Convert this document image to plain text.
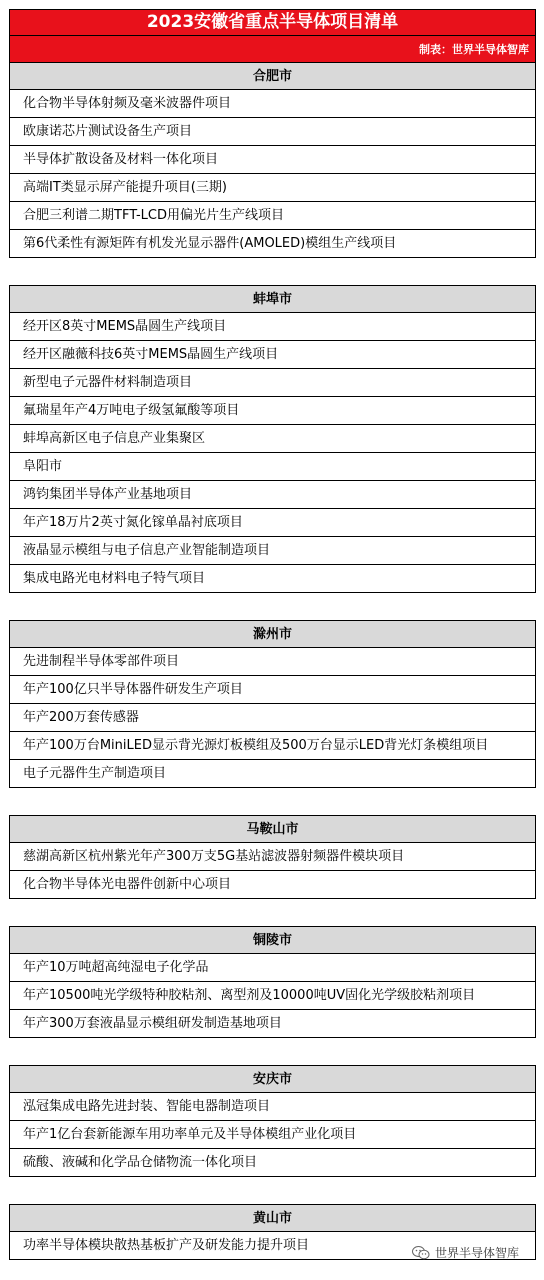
2023安徽省重点半导体项目清单
制表：世界半导体智库
合肥市
化合物半导体射频及毫米波器件项目
欧康诺芯片测试设备生产项目
半导体扩散设备及材料一体化项目
高端IT类显示屏产能提升项目(三期)
合肥三利谱二期TFT-LCD用偏光片生产线项目
第6代柔性有源矩阵有机发光显示器件(AMOLED)模组生产线项目
蚌埠市
经开区8英寸MEMS晶圆生产线项目
经开区融薇科技6英寸MEMS晶圆生产线项目
新型电子元器件材料制造项目
氟瑞星年产4万吨电子级氢氟酸等项目
蚌埠高新区电子信息产业集聚区
阜阳市
鸿钧集团半导体产业基地项目
年产18万片2英寸氮化镓单晶衬底项目
液晶显示模组与电子信息产业智能制造项目
集成电路光电材料电子特气项目
滁州市
先进制程半导体零部件项目
年产100亿只半导体器件研发生产项目
年产200万套传感器
年产100万台MiniLED显示背光源灯板模组及500万台显示LED背光灯条模组项目
电子元器件生产制造项目
马鞍山市
慈湖高新区杭州紫光年产300万支5G基站滤波器射频器件模块项目
化合物半导体光电器件创新中心项目
铜陵市
年产10万吨超高纯湿电子化学品
年产10500吨光学级特种胶粘剂、离型剂及10000吨UV固化光学级胶粘剂项目
年产300万套液晶显示模组研发制造基地项目
安庆市
泓冠集成电路先进封装、智能电器制造项目
年产1亿台套新能源车用功率单元及半导体模组产业化项目
硫酸、液碱和化学品仓储物流一体化项目
黄山市
功率半导体模块散热基板扩产及研发能力提升项目	世界半导体智库
